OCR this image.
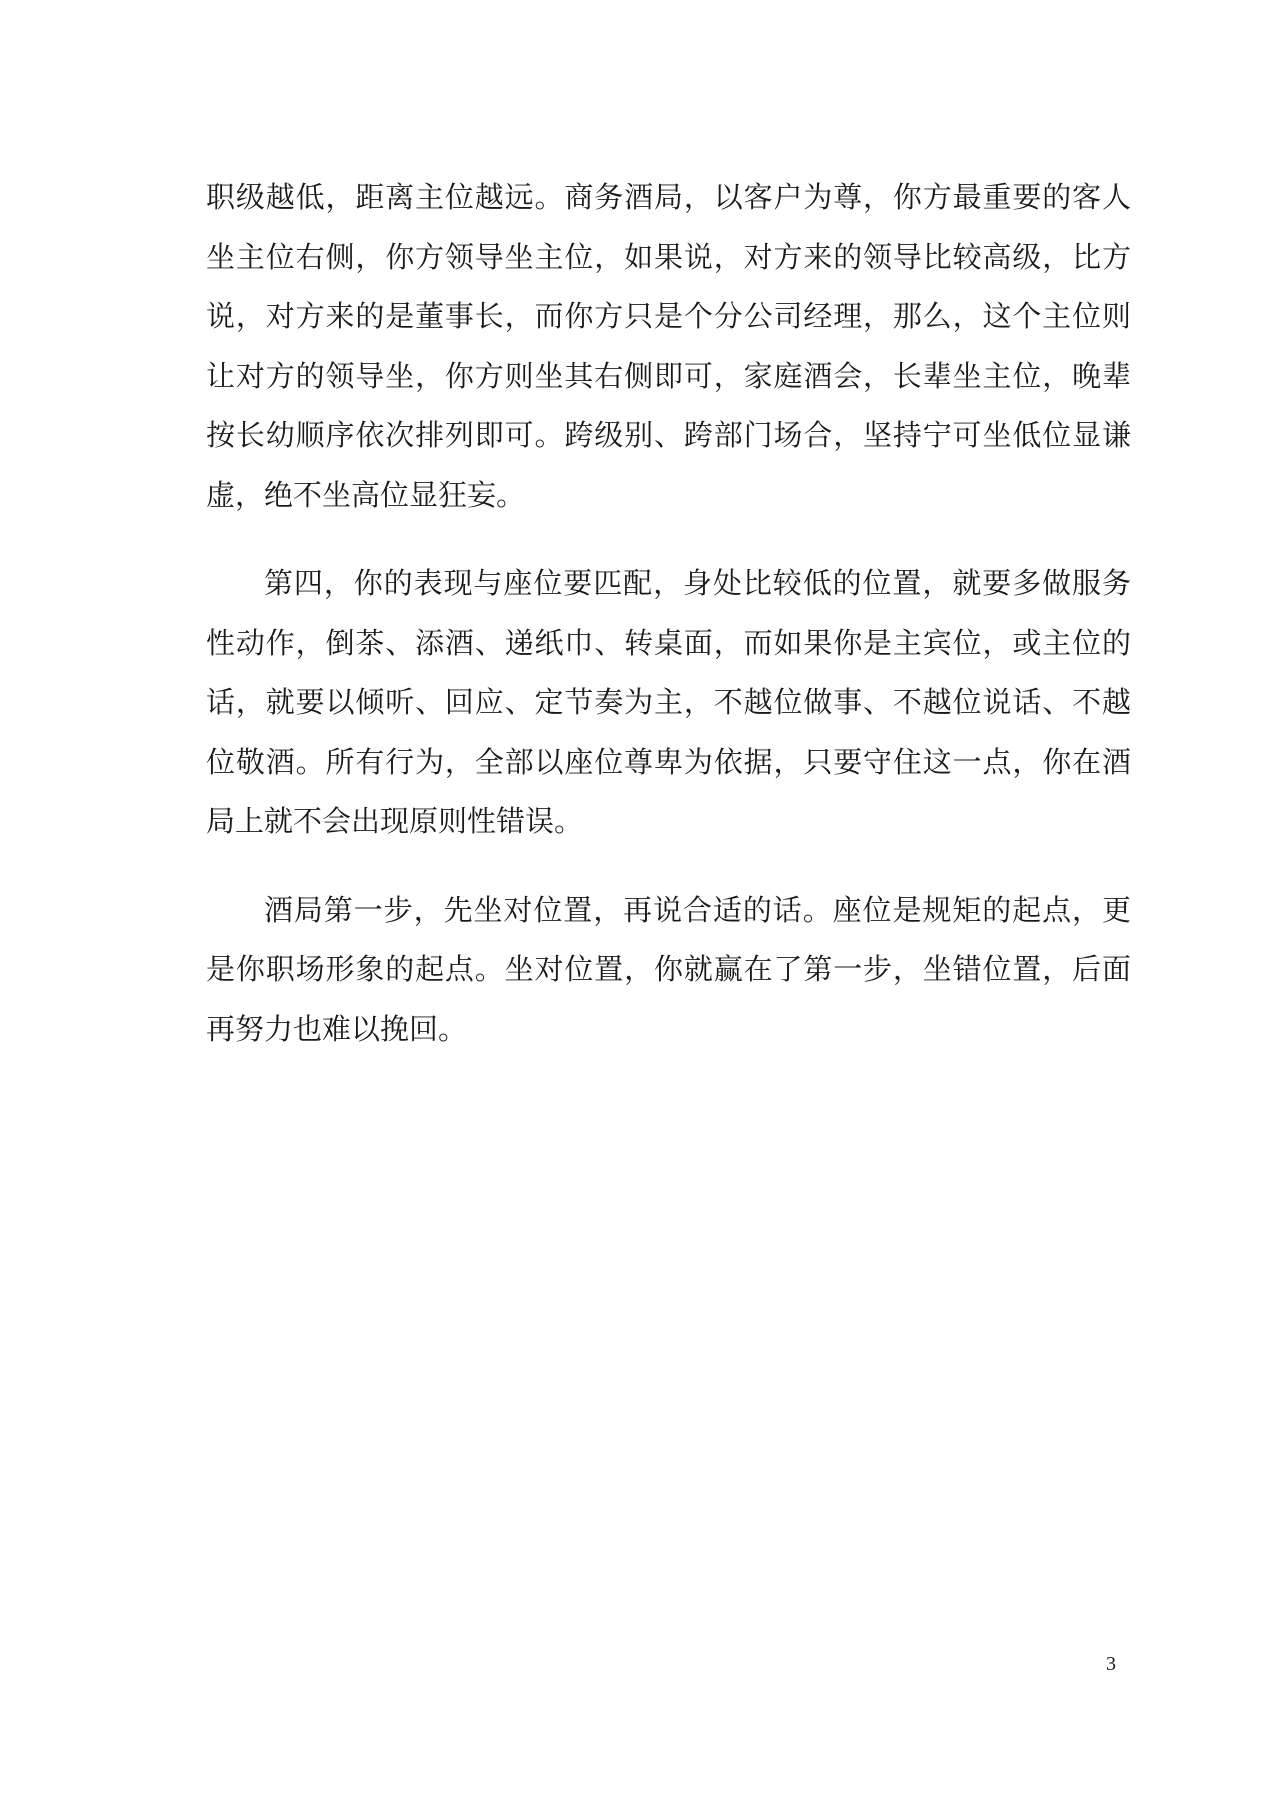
职级越低，距离主位越远。商务酒局，以客户为尊，你方最重要的客人坐主位右侧，你方领导坐主位，如果说，对方来的领导比较高级，比方说，对方来的是董事长，而你方只是个分公司经理，那么，这个主位则让对方的领导坐，你方则坐其右侧即可，家庭酒会，长辈坐主位，晚辈按长幼顺序依次排列即可。跨级别、跨部门场合，坚持宁可坐低位显谦虚，绝不坐高位显狂妄。

第四，你的表现与座位要匹配，身处比较低的位置，就要多做服务性动作，倒茶、添酒、递纸巾、转桌面，而如果你是主宾位，或主位的话，就要以倾听、回应、定节奏为主，不越位做事、不越位说话、不越位敬酒。所有行为，全部以座位尊卑为依据，只要守住这一点，你在酒局上就不会出现原则性错误。

酒局第一步，先坐对位置，再说合适的话。座位是规矩的起点，更是你职场形象的起点。坐对位置，你就赢在了第一步，坐错位置，后面再努力也难以挽回。

3
